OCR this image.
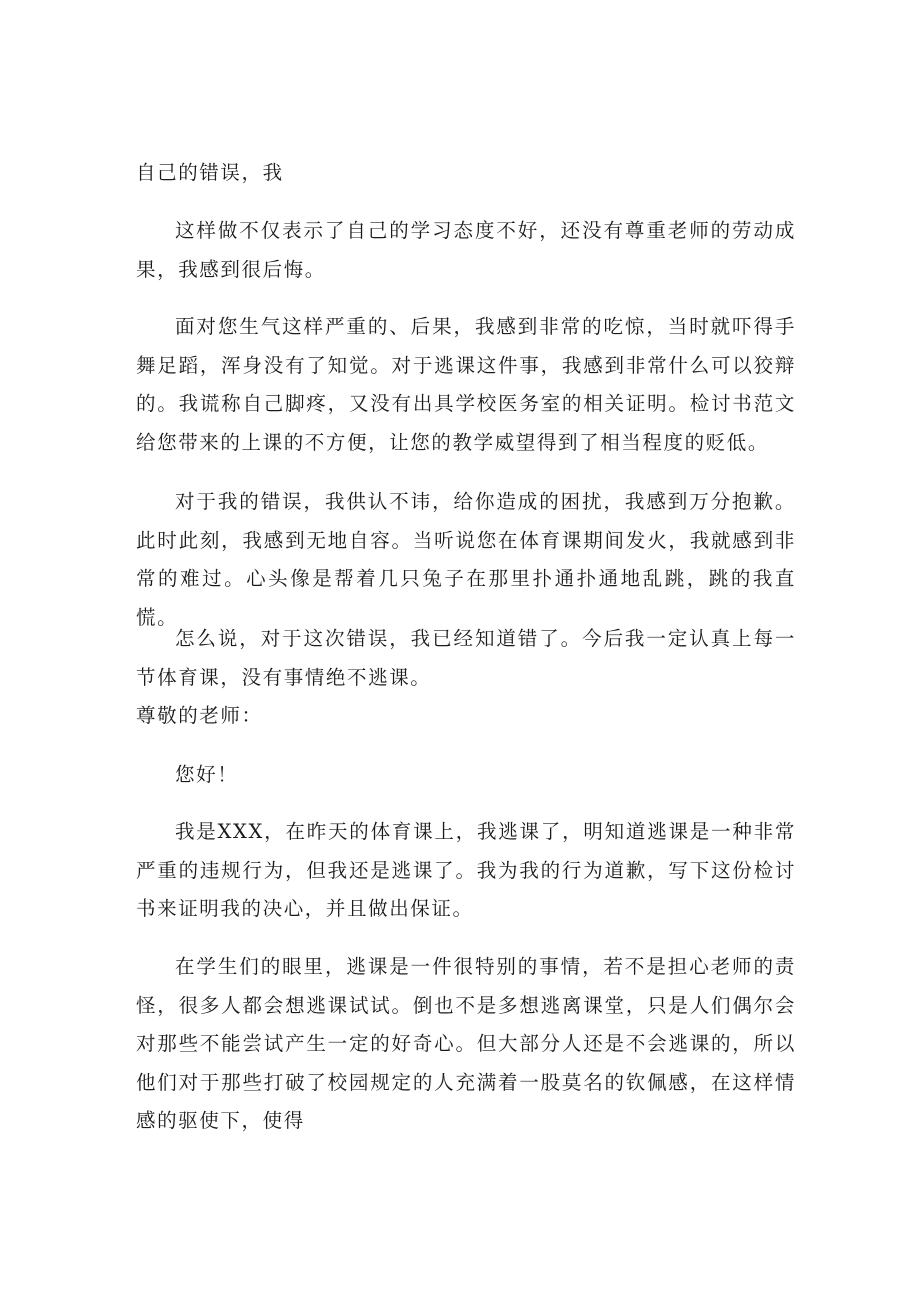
自己的错误，我

这样做不仅表示了自己的学习态度不好，还没有尊重老师的劳动成果，我感到很后悔。

面对您生气这样严重的、后果，我感到非常的吃惊，当时就吓得手舞足蹈，浑身没有了知觉。对于逃课这件事，我感到非常什么可以狡辩的。我谎称自己脚疼，又没有出具学校医务室的相关证明。检讨书范文给您带来的上课的不方便，让您的教学威望得到了相当程度的贬低。

对于我的错误，我供认不讳，给你造成的困扰，我感到万分抱歉。此时此刻，我感到无地自容。当听说您在体育课期间发火，我就感到非常的难过。心头像是帮着几只兔子在那里扑通扑通地乱跳，跳的我直慌。

怎么说，对于这次错误，我已经知道错了。今后我一定认真上每一节体育课，没有事情绝不逃课。

尊敬的老师：

您好！

我是XXX，在昨天的体育课上，我逃课了，明知道逃课是一种非常严重的违规行为，但我还是逃课了。我为我的行为道歉，写下这份检讨书来证明我的决心，并且做出保证。

在学生们的眼里，逃课是一件很特别的事情，若不是担心老师的责怪，很多人都会想逃课试试。倒也不是多想逃离课堂，只是人们偶尔会对那些不能尝试产生一定的好奇心。但大部分人还是不会逃课的，所以他们对于那些打破了校园规定的人充满着一股莫名的钦佩感，在这样情感的驱使下，使得
